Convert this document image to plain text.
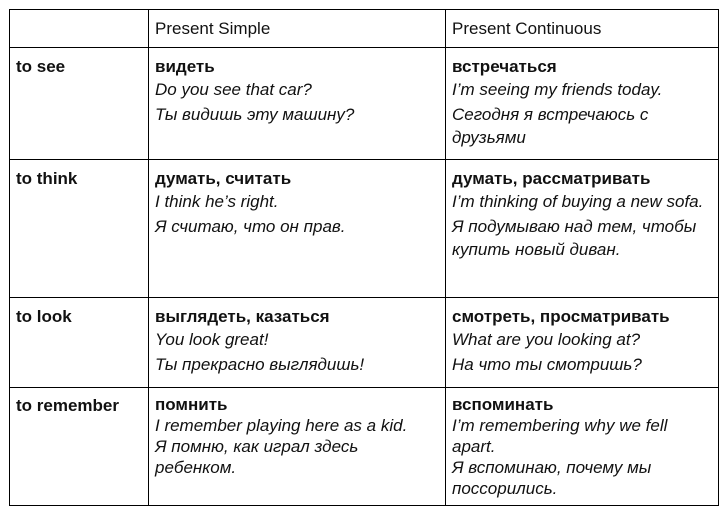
	Present Simple	Present Continuous

to see	видеть
Do you see that car?
Ты видишь эту машину?	встречаться
I’m seeing my friends today.
Сегодня я встречаюсь с друзьями

to think	думать, считать
I think he’s right.
Я считаю, что он прав.	думать, рассматривать
I’m thinking of buying a new sofa.
Я подумываю над тем, чтобы купить новый диван.

to look	выглядеть, казаться
You look great!
Ты прекрасно выглядишь!	смотреть, просматривать
What are you looking at?
На что ты смотришь?

to remember	помнить
I remember playing here as a kid.
Я помню, как играл здесь ребенком.	вспоминать
I’m remembering why we fell apart.
Я вспоминаю, почему мы поссорились.
